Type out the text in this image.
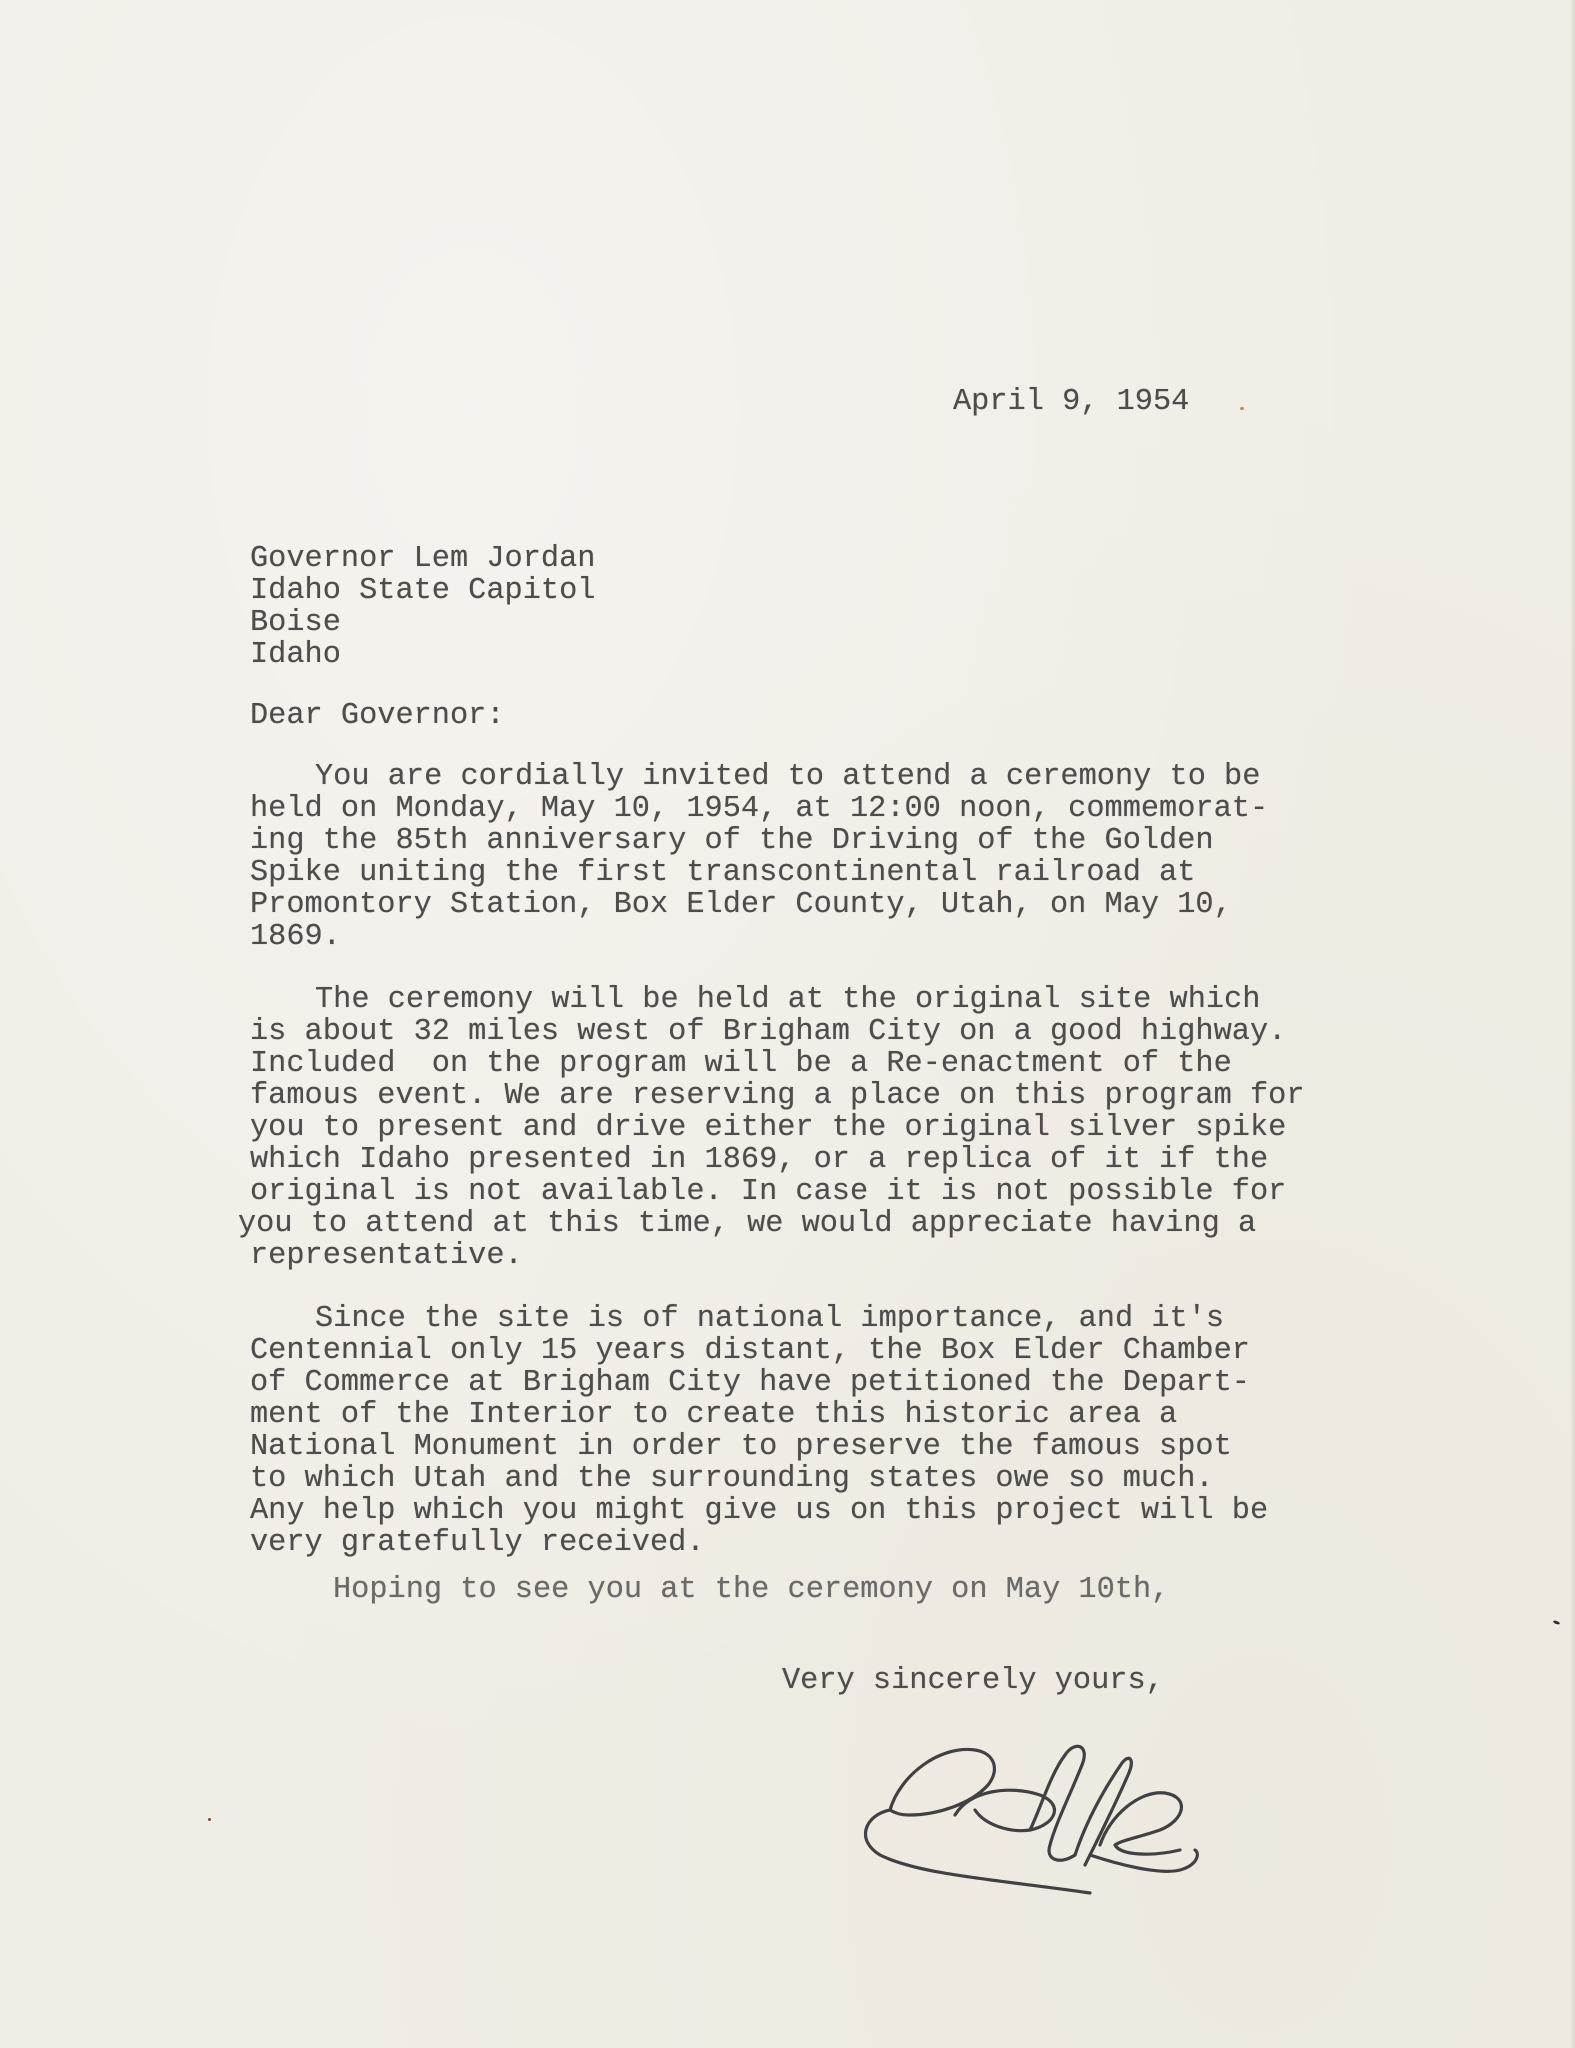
April 9, 1954
Governor Lem Jordan
Idaho State Capitol
Boise
Idaho
Dear Governor:
You are cordially invited to attend a ceremony to be
held on Monday, May 10, 1954, at 12:00 noon, commemorat-
ing the 85th anniversary of the Driving of the Golden
Spike uniting the first transcontinental railroad at
Promontory Station, Box Elder County, Utah, on May 10,
1869.
The ceremony will be held at the original site which
is about 32 miles west of Brigham City on a good highway.
Included  on the program will be a Re-enactment of the
famous event. We are reserving a place on this program for
you to present and drive either the original silver spike
which Idaho presented in 1869, or a replica of it if the
original is not available. In case it is not possible for
you to attend at this time, we would appreciate having a
representative.
Since the site is of national importance, and it's
Centennial only 15 years distant, the Box Elder Chamber
of Commerce at Brigham City have petitioned the Depart-
ment of the Interior to create this historic area a
National Monument in order to preserve the famous spot
to which Utah and the surrounding states owe so much.
Any help which you might give us on this project will be
very gratefully received.
Hoping to see you at the ceremony on May 10th,
Very sincerely yours,
